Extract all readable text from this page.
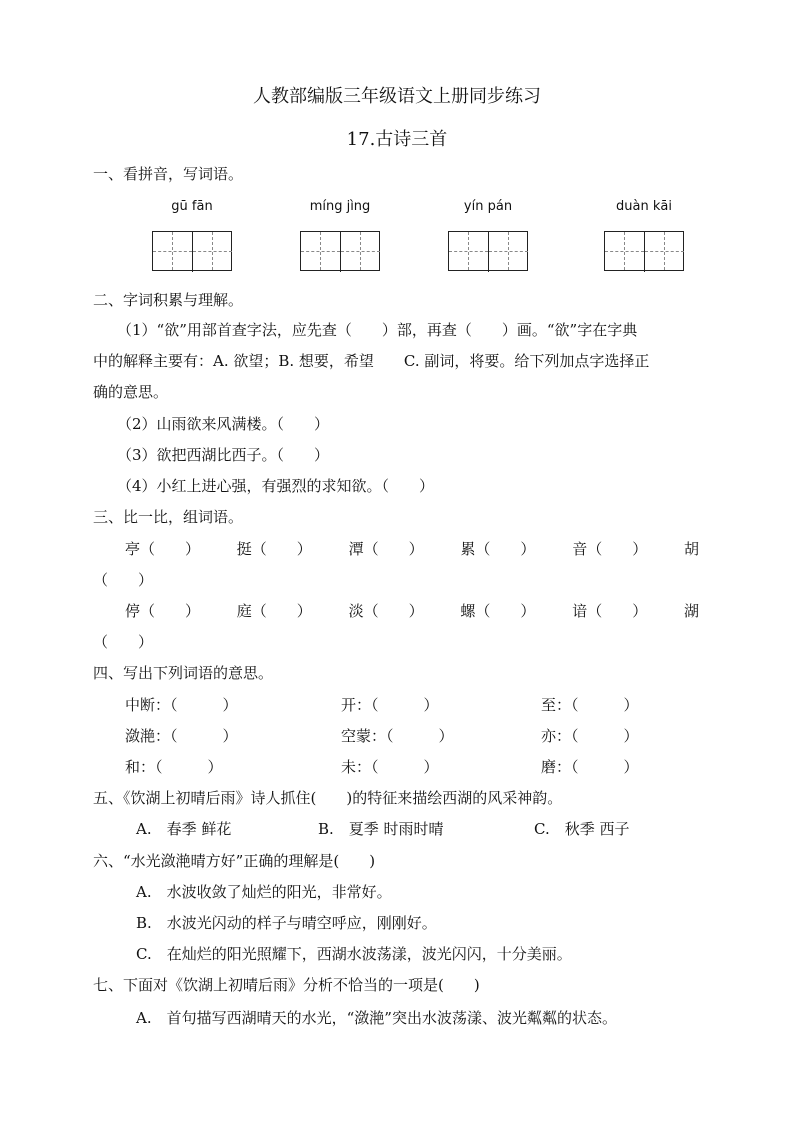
人教部编版三年级语文上册同步练习
17.古诗三首
一、看拼音，写词语。
gū fān	míng jìng	yín pán	duàn kāi
二、字词积累与理解。
（1）“欲”用部首查字法，应先查（　　）部，再查（　　）画。“欲”字在字典
中的解释主要有：A. 欲望；B. 想要，希望　　C. 副词，将要。给下列加点字选择正
确的意思。
（2）山雨欲来风满楼。（　　）
（3）欲把西湖比西子。（　　）
（4）小红上进心强，有强烈的求知欲。（　　）
三、比一比，组词语。
亭（　　） 挺（　　） 潭（　　） 累（　　） 音（　　） 胡
（　　）
停（　　） 庭（　　） 淡（　　） 螺（　　） 谙（　　） 湖
（　　）
四、写出下列词语的意思。
中断：（　　　）	开：（　　　）	至：（　　　）
潋滟：（　　　）	空蒙：（　　　）	亦：（　　　）
和：（　　　）	未：（　　　）	磨：（　　　）
五、《饮湖上初晴后雨》诗人抓住(　　)的特征来描绘西湖的风采神韵。
A.　春季 鲜花	B.　夏季 时雨时晴	C.　秋季 西子
六、“水光潋滟晴方好”正确的理解是(　　)
A.　水波收敛了灿烂的阳光，非常好。
B.　水波光闪动的样子与晴空呼应，刚刚好。
C.　在灿烂的阳光照耀下，西湖水波荡漾，波光闪闪，十分美丽。
七、下面对《饮湖上初晴后雨》分析不恰当的一项是(　　)
A.　首句描写西湖晴天的水光，“潋滟”突出水波荡漾、波光粼粼的状态。
